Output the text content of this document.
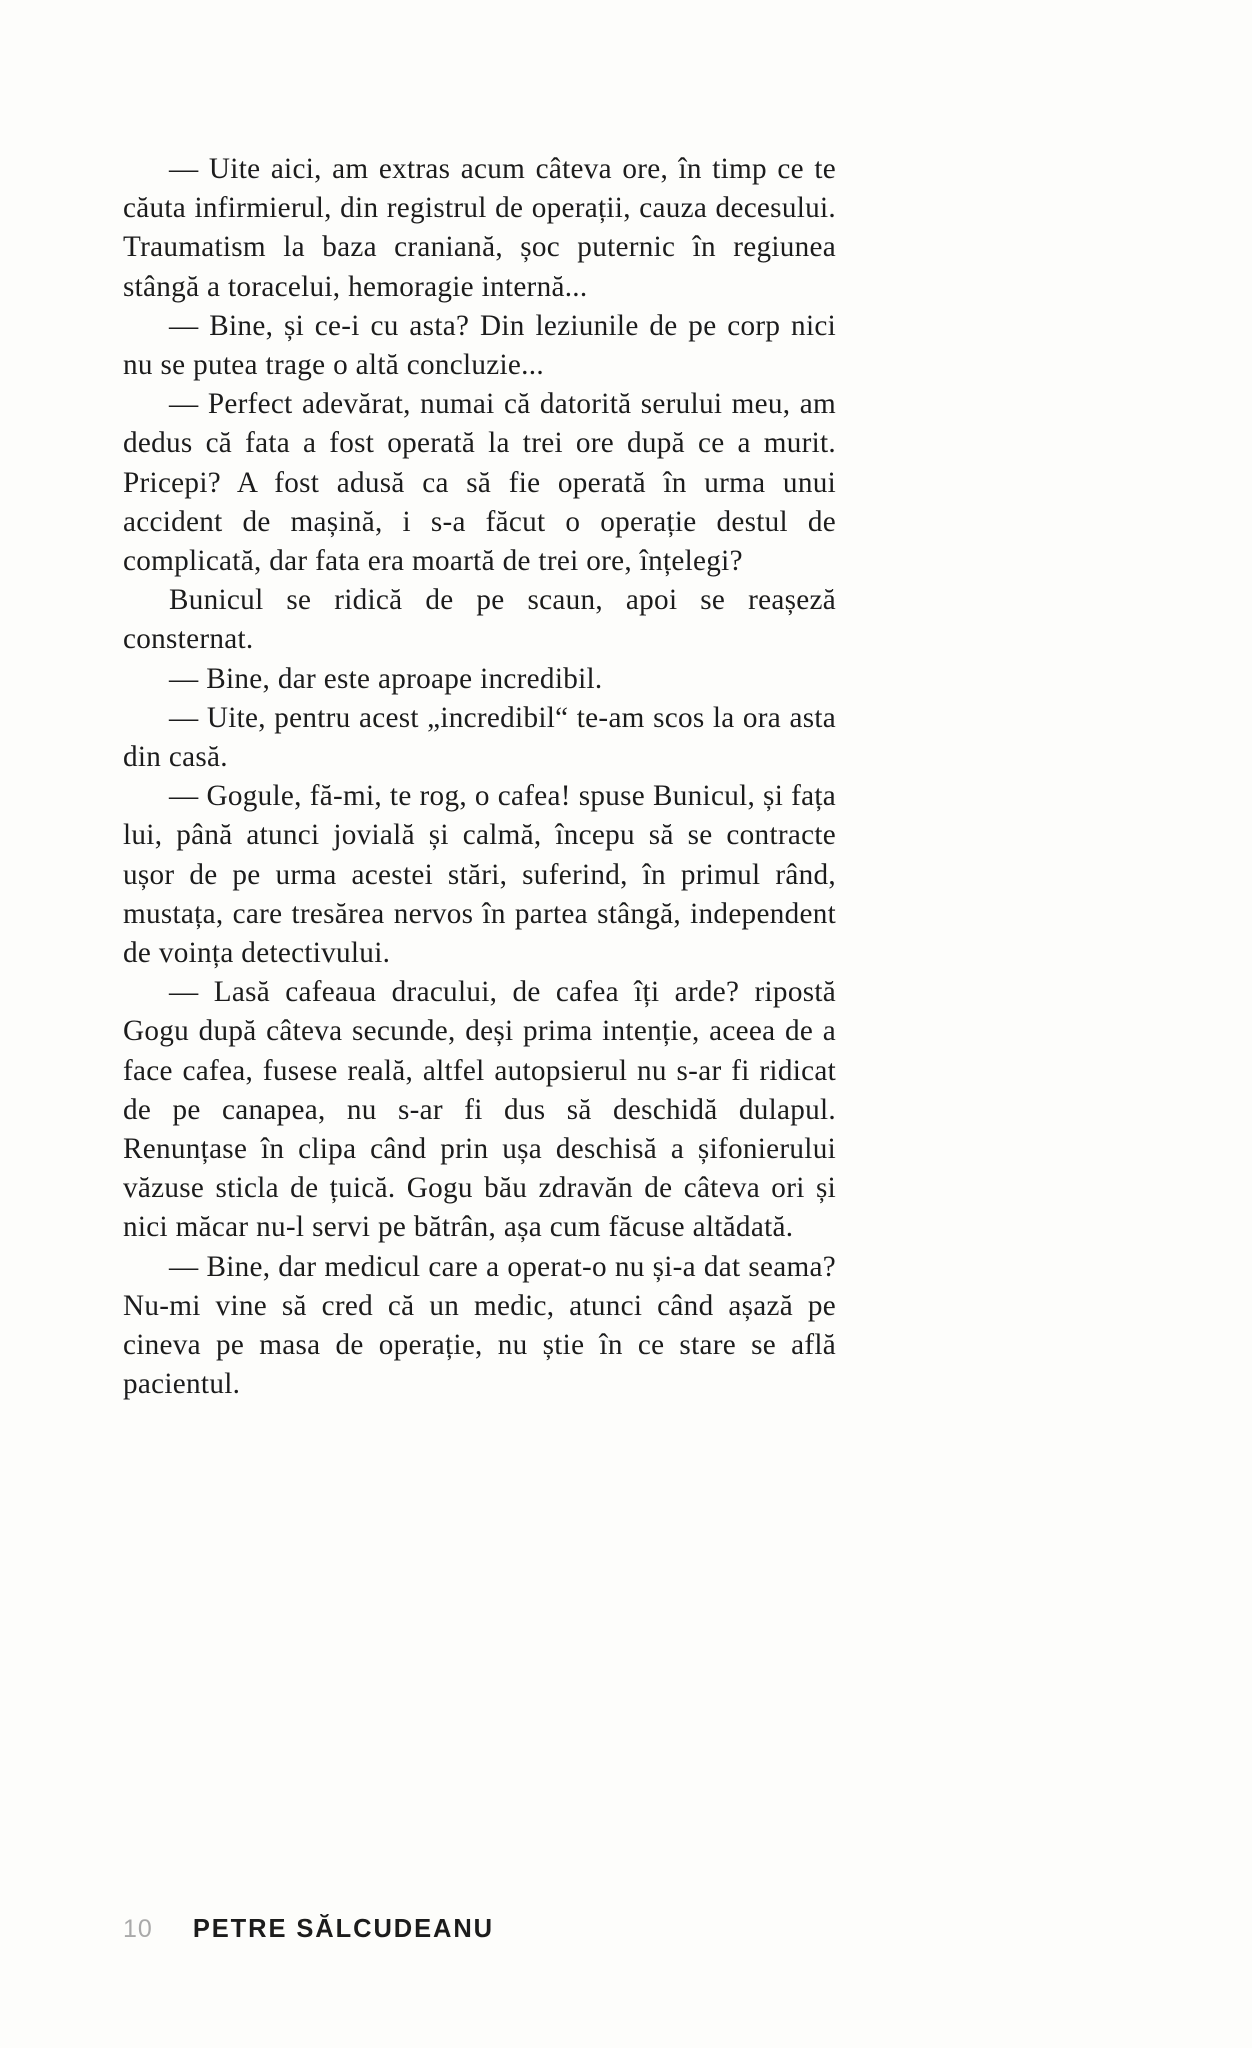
— Uite aici, am extras acum câteva ore, în timp ce te căuta infirmierul, din registrul de operații, cauza decesului. Traumatism la baza craniană, șoc puternic în regiunea stângă a toracelui, hemoragie internă...

— Bine, și ce-i cu asta? Din leziunile de pe corp nici nu se putea trage o altă concluzie...

— Perfect adevărat, numai că datorită serului meu, am dedus că fata a fost operată la trei ore după ce a murit. Pricepi? A fost adusă ca să fie operată în urma unui accident de mașină, i s-a făcut o operație destul de complicată, dar fata era moartă de trei ore, înțelegi?

Bunicul se ridică de pe scaun, apoi se reașeză consternat.

— Bine, dar este aproape incredibil.

— Uite, pentru acest „incredibil“ te-am scos la ora asta din casă.

— Gogule, fă-mi, te rog, o cafea! spuse Bunicul, și fața lui, până atunci jovială și calmă, începu să se contracte ușor de pe urma acestei stări, suferind, în primul rând, mustața, care tresărea nervos în partea stângă, independent de voința detectivului.

— Lasă cafeaua dracului, de cafea îți arde? ripostă Gogu după câteva secunde, deși prima intenție, aceea de a face cafea, fusese reală, altfel autopsierul nu s-ar fi ridicat de pe canapea, nu s-ar fi dus să deschidă dulapul. Renunțase în clipa când prin ușa deschisă a șifonierului văzuse sticla de țuică. Gogu bău zdravăn de câteva ori și nici măcar nu-l servi pe bătrân, așa cum făcuse altădată.

— Bine, dar medicul care a operat-o nu și-a dat seama? Nu-mi vine să cred că un medic, atunci când așază pe cineva pe masa de operație, nu știe în ce stare se află pacientul.

10 PETRE SĂLCUDEANU
